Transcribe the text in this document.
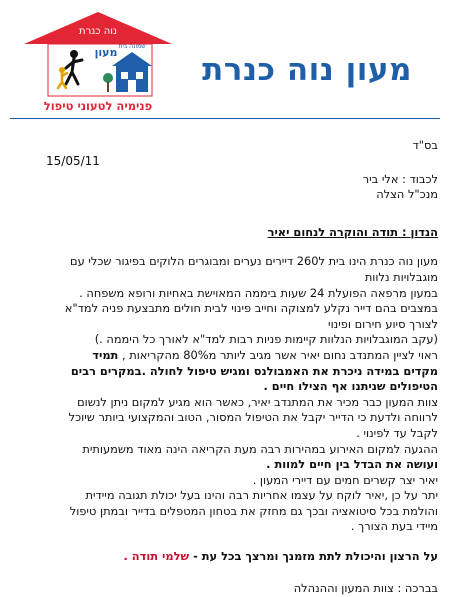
נוה כנרת
מעון שמונה בית
פנימיה לטעוני טיפול
מעון נוה כנרת
15/05/11
בס"ד
לכבוד : אלי ביר
מנכ"ל הצלה
הנדון : תודה והוקרה לנחום יאיר
מעון נוה כנרת הינו בית ל260 דיירים נערים ומבוגרים הלוקים בפיגור שכלי עם
מוגבלויות נלוות
במעון מרפאה הפועלת 24 שעות ביממה המאוישת באחיות ורופא משפחה .
במצבים בהם דייר נקלע למצוקה וחייב פינוי לבית חולים מתבצעת פניה למד"א
לצורך סיוע חירום ופינוי
(עקב המוגבלויות הנלוות קיימות פניות רבות למד"א לאורך כל היממה .)
ראוי לציין המתנדב נחום יאיר אשר מגיב ליותר מ80% מהקריאות , תמיד
מקדים במידה ניכרת את האמבולנס ומגיש טיפול לחולה .במקרים רבים
הטיפולים שניתנו אף הצילו חיים .
צוות המעון כבר מכיר את המתנדב יאיר, כאשר הוא מגיע למקום ניתן לנשום
לרווחה ולדעת כי הדייר יקבל את הטיפול המסור, הטוב והמקצועי ביותר שיוכל
לקבל עד לפינוי .
ההגעה למקום האירוע במהירות רבה מעת הקריאה הינה מאוד משמעותית
ועושה את הבדל בין חיים למוות .
יאיר יצר קשרים חמים עם דיירי המעון .
יתר על כן ,יאיר לוקח על עצמו אחריות רבה והינו בעל יכולת תגובה מיידית
והולמת בכל סיטואציה ובכך גם מחזק את בטחון המטפלים בדייר ובמתן טיפול
מיידי בעת הצורך .
על הרצון והיכולת לתת מזמנך ומרצך בכל עת - שלמי תודה .
בברכה : צוות המעון וההנהלה
